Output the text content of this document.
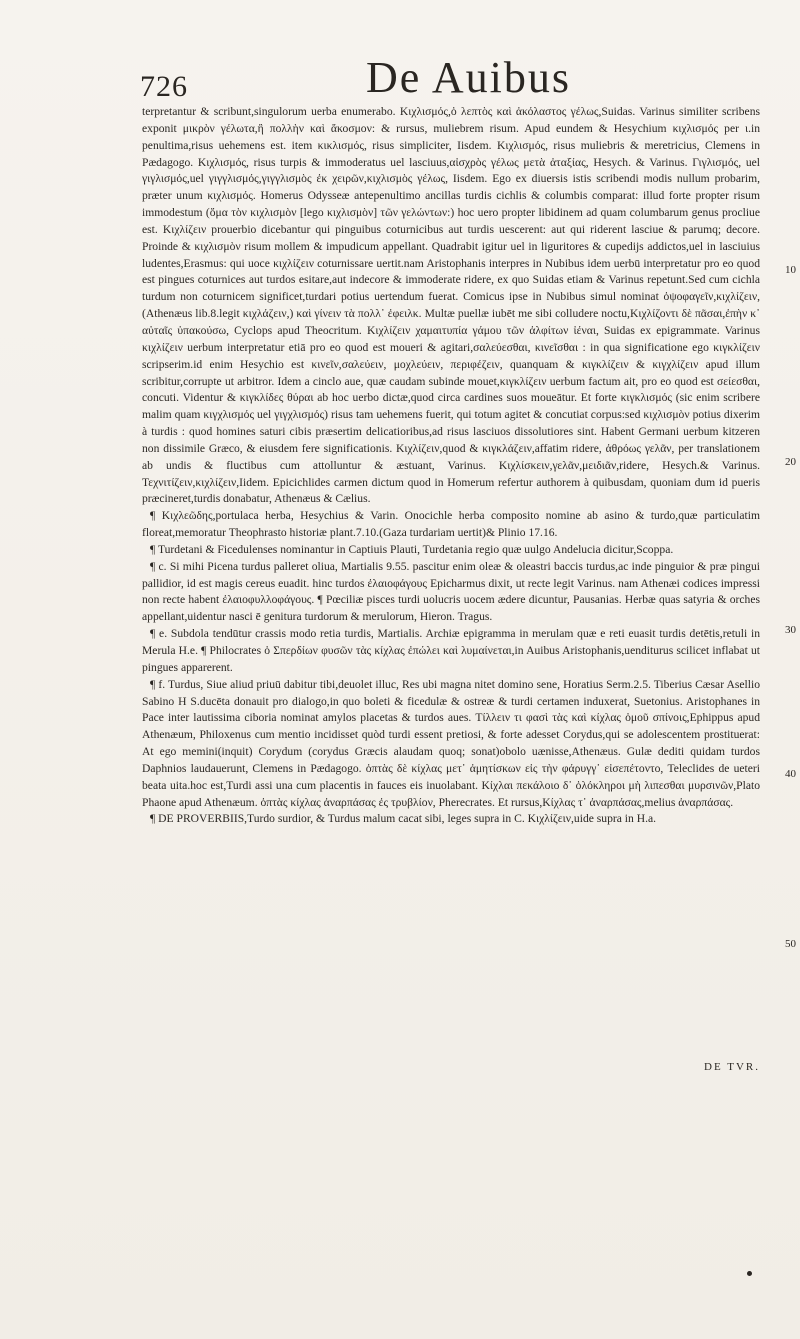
726	De Auibus

terpretantur & scribunt,singulorum uerba enumerabo. Κιχλισμός,ὁ λεπτὸς καὶ ἀκόλαστος γέλως,Suidas. Varinus similiter scribens exponit μικρὸν γέλωτα,ἢ πολλὴν καὶ ἄκοσμον: & rursus, muliebrem risum. Apud eundem & Hesychium κιχλισμός per ι.in penultima,risus uehemens est. item κικλισμός, risus simpliciter, Iisdem. Κιχλισμός, risus muliebris & meretricius, Clemens in Pædagogo. Κιχλισμός, risus turpis & immoderatus uel lasciuus,αἰσχρὸς γέλως μετὰ ἀταξίας, Hesych. & Varinus. Γιγλισμός, uel γιγλισμός,uel γιγγλισμός,γιγγλισμὸς ἐκ χειρῶν,κιχλισμὸς γέλως, Iisdem. Ego ex diuersis istis scribendi modis nullum probarim, præter unum κιχλισμός. Homerus Odysseæ antepenultimo ancillas turdis cichlis & columbis comparat: illud forte propter risum immodestum (ὅμα τὸν κιχλισμὸν [lego κιχλισμὸν] τῶν γελώντων:) hoc uero propter libidinem ad quam columbarum genus procliue est. Κιχλίζειν prouerbio dicebantur qui pinguibus coturnicibus aut turdis uescerent: aut qui riderent lasciue & parumq; decore. Proinde & κιχλισμὸν risum mollem & impudicum appellant. Quadrabit igitur uel in liguritores & cupedijs addictos,uel in lasciuius ludentes,Erasmus: qui uoce κιχλίζειν coturnissare uertit.nam Aristophanis interpres in Nubibus idem uerbū interpretatur pro eo quod est pingues coturnices aut turdos esitare,aut indecore & immoderate ridere, ex quo Suidas etiam & Varinus repetunt.Sed cum cichla turdum non coturnicem significet,turdari potius uertendum fuerat. Comicus ipse in Nubibus simul nominat ὀψοφαγεῖν,κιχλίζειν,(Athenæus lib.8.legit κιχλάζειν,) καὶ γίνειν τὰ πολλ᾽ ἐφειλκ. Multæ puellæ iubēt me sibi colludere noctu,Κιχλίζοντι δὲ πᾶσαι,ἐπὴν κ᾽ αὐταῖς ὑπακούσω, Cyclops apud Theocritum. Κιχλίζειν χαμαιτυπία γάμου τῶν ἀλφίτων ἰέναι, Suidas ex epigrammate. Varinus κιχλίζειν uerbum interpretatur etiā pro eo quod est moueri & agitari,σαλεύεσθαι, κινεῖσθαι : in qua significatione ego κιγκλίζειν scripserim.id enim Hesychio est κινεῖν,σαλεύειν, μοχλεύειν, περιφέζειν, quanquam & κιγκλίζειν & κιγχλίζειν apud illum scribitur,corrupte ut arbitror. Idem a cinclo aue, quæ caudam subinde mouet,κιγκλίζειν uerbum factum ait, pro eo quod est σείεσθαι, concuti. Videntur & κιγκλίδες θύραι ab hoc uerbo dictæ,quod circa cardines suos moueātur. Et forte κιγκλισμός (sic enim scribere malim quam κιγχλισμός uel γιγχλισμός) risus tam uehemens fuerit, qui totum agitet & concutiat corpus:sed κιχλισμὸν potius dixerim à turdis : quod homines saturi cibis præsertim delicatioribus,ad risus lasciuos dissolutiores sint. Habent Germani uerbum kitzeren non dissimile Græco, & eiusdem fere significationis. Κιχλίζειν,quod & κιγκλάζειν,affatim ridere, ἀθρόως γελᾶν, per translationem ab undis & fluctibus cum attolluntur & æstuant, Varinus. Κιχλίσκειν,γελᾶν,μειδιᾶν,ridere, Hesych.& Varinus. Τεχνιτίζειν,κιχλίζειν,Iidem. Epicichlides carmen dictum quod in Homerum refertur authorem à quibusdam, quoniam dum id pueris præcineret,turdis donabatur, Athenæus & Cælius.

¶ Κιχλεῶδης,portulaca herba, Hesychius & Varin. Onocichle herba composito nomine ab asino & turdo,quæ particulatim floreat,memoratur Theophrasto historiæ plant.7.10.(Gaza turdariam uertit)& Plinio 17.16.

¶ Turdetani & Ficedulenses nominantur in Captiuis Plauti, Turdetania regio quæ uulgo Andelucia dicitur,Scoppa.

¶ c. Si mihi Picena turdus palleret oliua, Martialis 9.55. pascitur enim oleæ & oleastri baccis turdus,ac inde pinguior & præ pingui pallidior, id est magis cereus euadit. hinc turdos ἐλαιοφάγους Epicharmus dixit, ut recte legit Varinus. nam Athenæi codices impressi non recte habent ἐλαιοφυλλοφάγους. ¶ Pœciliæ pisces turdi uolucris uocem ædere dicuntur, Pausanias. Herbæ quas satyria & orches appellant,uidentur nasci ē genitura turdorum & merulorum, Hieron. Tragus.

¶ e. Subdola tendūtur crassis modo retia turdis, Martialis. Archiæ epigramma in merulam quæ e reti euasit turdis detētis,retuli in Merula H.e. ¶ Philocrates ὁ Σπερδίων φυσῶν τὰς κίχλας ἐπώλει καὶ λυμαίνεται,in Auibus Aristophanis,uenditurus scilicet inflabat ut pingues apparerent.

¶ f. Turdus, Siue aliud priuū dabitur tibi,deuolet illuc, Res ubi magna nitet domino sene, Horatius Serm.2.5. Tiberius Cæsar Asellio Sabino H S.ducēta donauit pro dialogo,in quo boleti & ficedulæ & ostreæ & turdi certamen induxerat, Suetonius. Aristophanes in Pace inter lautissima ciboria nominat amylos placetas & turdos aues. Τίλλειν τι φασὶ τὰς καὶ κίχλας ὁμοῦ σπίνοις,Ephippus apud Athenæum, Philoxenus cum mentio incidisset quòd turdi essent pretiosi, & forte adesset Corydus,qui se adolescentem prostituerat: At ego memini(inquit) Corydum (corydus Græcis alaudam quoq; sonat)obolo uænisse,Athenæus. Gulæ dediti quidam turdos Daphnios laudauerunt, Clemens in Pædagogo. ὀπτὰς δὲ κίχλας μετ᾽ ἀμητίσκων εἰς τὴν φάρυγγ᾽ εἰσεπέτοντο, Teleclides de ueteri beata uita.hoc est,Turdi assi una cum placentis in fauces eis inuolabant. Κίχλαι πεκάλοιο δ᾽ ὁλόκληροι μὴ λιπεσθαι μυρσινῶν,Plato Phaone apud Athenæum. ὀπτὰς κίχλας ἀναρπάσας ἐς τρυβλίον, Pherecrates. Et rursus,Κίχλας τ᾽ ἀναρπάσας,melius ἀναρπάσας.

¶ DE PROVERBIIS,Turdo surdior, & Turdus malum cacat sibi, leges supra in C. Κιχλίζειν,uide supra in H.a.

10
20
30
40
50
DE TVR.
